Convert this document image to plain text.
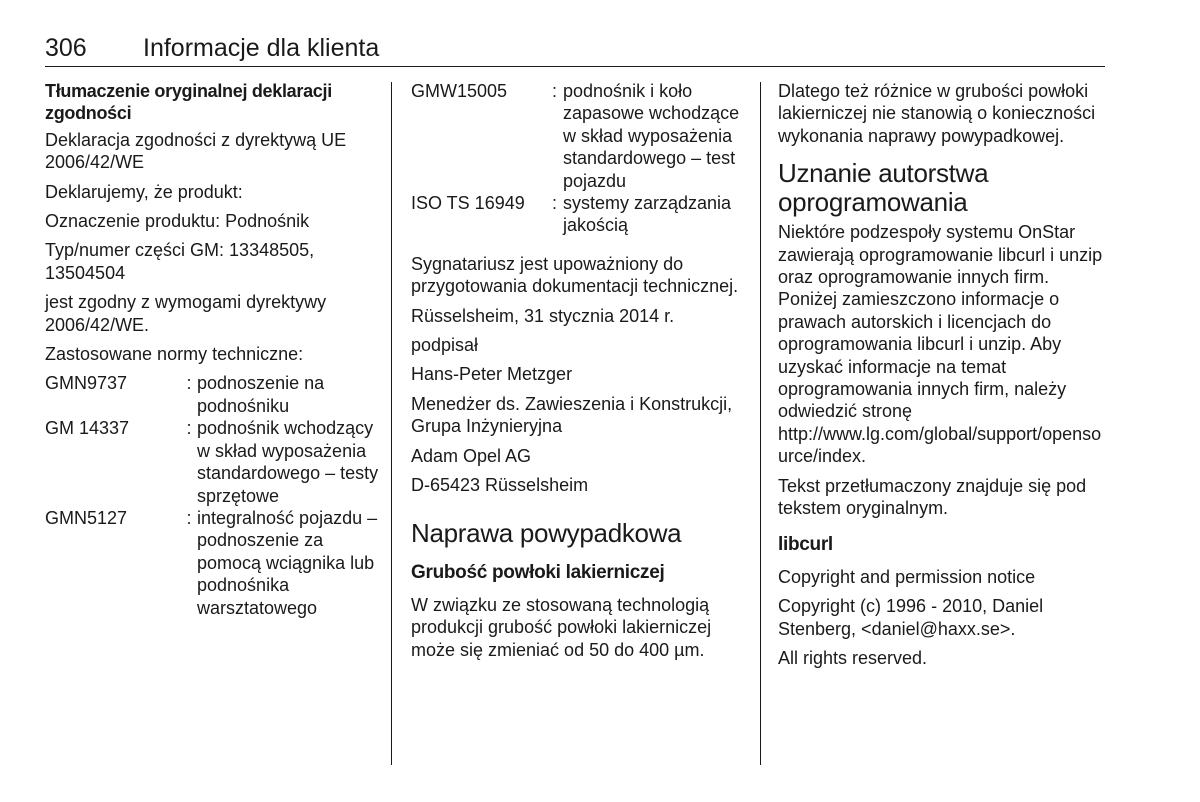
306 Informacje dla klienta

Tłumaczenie oryginalnej deklaracji zgodności

Deklaracja zgodności z dyrektywą UE 2006/42/WE

Deklarujemy, że produkt:

Oznaczenie produktu: Podnośnik

Typ/numer części GM: 13348505, 13504504

jest zgodny z wymogami dyrektywy 2006/42/WE.

Zastosowane normy techniczne:

GMN9737	: podnoszenie na podnośniku
GM 14337	: podnośnik wchodzący w skład wyposażenia standardowego – testy sprzętowe
GMN5127	: integralność pojazdu – podnoszenie za pomocą wciągnika lub podnośnika warsztatowego
GMW15005	: podnośnik i koło zapasowe wchodzące w skład wyposażenia standardowego – test pojazdu
ISO TS 16949	: systemy zarządzania jakością

Sygnatariusz jest upoważniony do przygotowania dokumentacji technicznej.

Rüsselsheim, 31 stycznia 2014 r.

podpisał

Hans-Peter Metzger

Menedżer ds. Zawieszenia i Konstrukcji, Grupa Inżynieryjna

Adam Opel AG

D-65423 Rüsselsheim

Naprawa powypadkowa
Grubość powłoki lakierniczej

W związku ze stosowaną technologią produkcji grubość powłoki lakierniczej może się zmieniać od 50 do 400 µm.

Dlatego też różnice w grubości powłoki lakierniczej nie stanowią o konieczności wykonania naprawy powypadkowej.

Uznanie autorstwa oprogramowania

Niektóre podzespoły systemu OnStar zawierają oprogramowanie libcurl i unzip oraz oprogramowanie innych firm. Poniżej zamieszczono informacje o prawach autorskich i licencjach do oprogramowania libcurl i unzip. Aby uzyskać informacje na temat oprogramowania innych firm, należy odwiedzić stronę http://www.lg.com/global/support/opensource/index.

Tekst przetłumaczony znajduje się pod tekstem oryginalnym.

libcurl

Copyright and permission notice

Copyright (c) 1996 - 2010, Daniel Stenberg, <daniel@haxx.se>.

All rights reserved.
